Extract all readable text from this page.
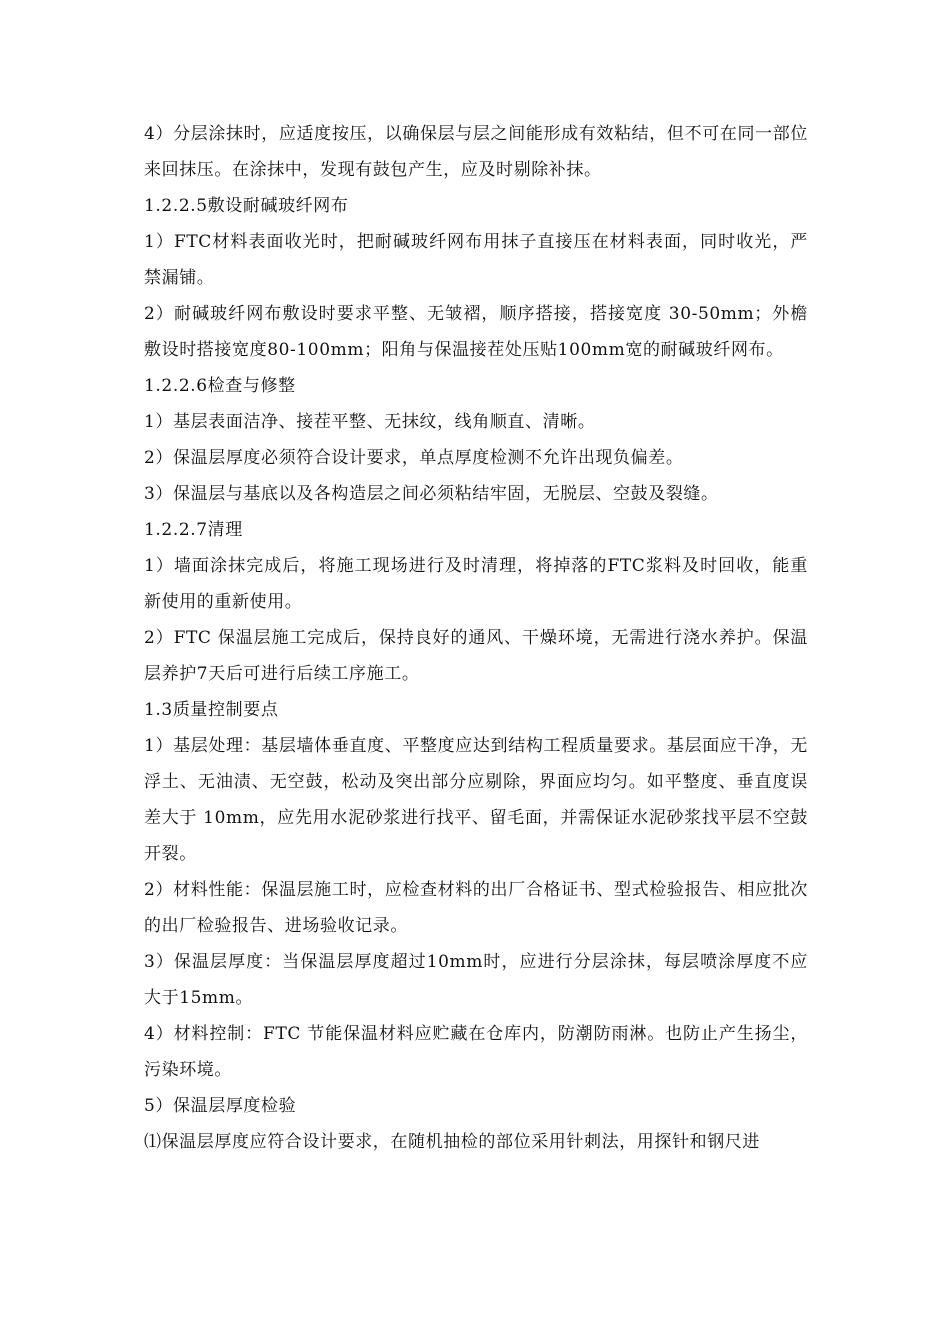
4）分层涂抹时，应适度按压，以确保层与层之间能形成有效粘结，但不可在同一部位来回抹压。在涂抹中，发现有鼓包产生，应及时剔除补抹。

1.2.2.5敷设耐碱玻纤网布

1）FTC材料表面收光时，把耐碱玻纤网布用抹子直接压在材料表面，同时收光，严禁漏铺。

2）耐碱玻纤网布敷设时要求平整、无皱褶，顺序搭接，搭接宽度 30-50mm；外檐敷设时搭接宽度80-100mm；阳角与保温接茬处压贴100mm宽的耐碱玻纤网布。

1.2.2.6检查与修整

1）基层表面洁净、接茬平整、无抹纹，线角顺直、清晰。

2）保温层厚度必须符合设计要求，单点厚度检测不允许出现负偏差。

3）保温层与基底以及各构造层之间必须粘结牢固，无脱层、空鼓及裂缝。

1.2.2.7清理

1）墙面涂抹完成后，将施工现场进行及时清理，将掉落的FTC浆料及时回收，能重新使用的重新使用。

2）FTC 保温层施工完成后，保持良好的通风、干燥环境，无需进行浇水养护。保温层养护7天后可进行后续工序施工。

1.3质量控制要点

1）基层处理：基层墙体垂直度、平整度应达到结构工程质量要求。基层面应干净，无浮土、无油渍、无空鼓，松动及突出部分应剔除，界面应均匀。如平整度、垂直度误差大于 10mm，应先用水泥砂浆进行找平、留毛面，并需保证水泥砂浆找平层不空鼓开裂。

2）材料性能：保温层施工时，应检查材料的出厂合格证书、型式检验报告、相应批次的出厂检验报告、进场验收记录。

3）保温层厚度：当保温层厚度超过10mm时，应进行分层涂抹，每层喷涂厚度不应大于15mm。

4）材料控制：FTC 节能保温材料应贮藏在仓库内，防潮防雨淋。也防止产生扬尘，污染环境。

5）保温层厚度检验

⑴保温层厚度应符合设计要求，在随机抽检的部位采用针刺法，用探针和钢尺进
